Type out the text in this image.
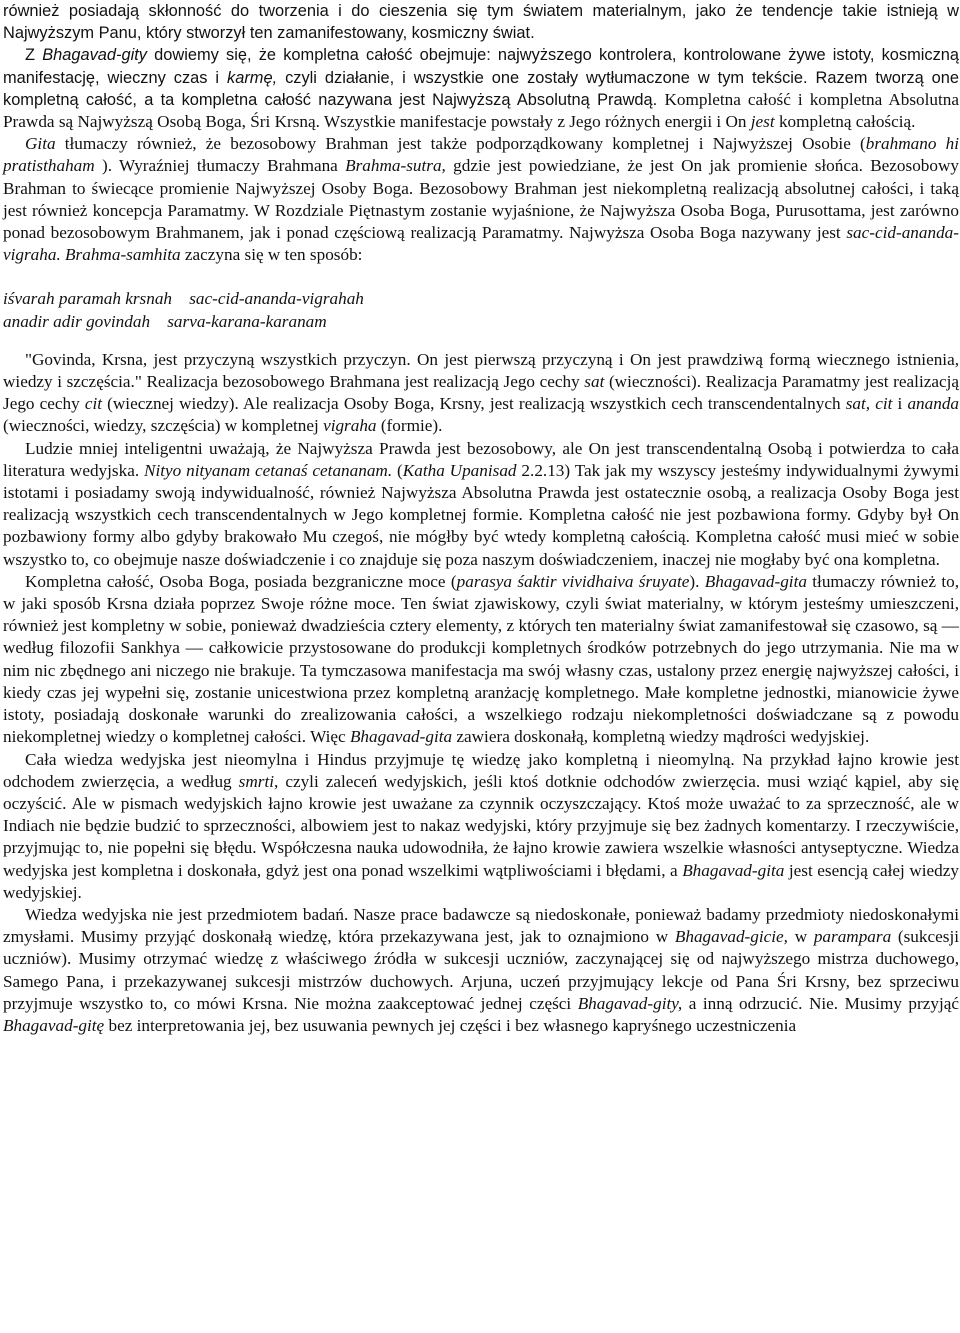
również posiadają skłonność do tworzenia i do cieszenia się tym światem materialnym, jako że tendencje takie istnieją w Najwyższym Panu, który stworzył ten zamanifestowany, kosmiczny świat.

Z Bhagavad-gity dowiemy się, że kompletna całość obejmuje: najwyższego kontrolera, kontrolowane żywe istoty, kosmiczną manifestację, wieczny czas i karmę, czyli działanie, i wszystkie one zostały wytłumaczone w tym tekście. Razem tworzą one kompletną całość, a ta kompletna całość nazywana jest Najwyższą Absolutną Prawdą. Kompletna całość i kompletna Absolutna Prawda są Najwyższą Osobą Boga, Śri Krsną. Wszystkie manifestacje powstały z Jego różnych energii i On jest kompletną całością.

Gita tłumaczy również, że bezosobowy Brahman jest także podporządkowany kompletnej i Najwyższej Osobie (brahmano hi pratisthaham ). Wyraźniej tłumaczy Brahmana Brahma-sutra, gdzie jest powiedziane, że jest On jak promienie słońca. Bezosobowy Brahman to świecące promienie Najwyższej Osoby Boga. Bezosobowy Brahman jest niekompletną realizacją absolutnej całości, i taką jest również koncepcja Paramatmy. W Rozdziale Piętnastym zostanie wyjaśnione, że Najwyższa Osoba Boga, Purusottama, jest zarówno ponad bezosobowym Brahmanem, jak i ponad częściową realizacją Paramatmy. Najwyższa Osoba Boga nazywany jest sac-cid-ananda-vigraha. Brahma-samhita zaczyna się w ten sposób:

iśvarah paramah krsnah    sac-cid-ananda-vigrahah
anadir adir govindah    sarva-karana-karanam

"Govinda, Krsna, jest przyczyną wszystkich przyczyn. On jest pierwszą przyczyną i On jest prawdziwą formą wiecznego istnienia, wiedzy i szczęścia." Realizacja bezosobowego Brahmana jest realizacją Jego cechy sat (wieczności). Realizacja Paramatmy jest realizacją Jego cechy cit (wiecznej wiedzy). Ale realizacja Osoby Boga, Krsny, jest realizacją wszystkich cech transcendentalnych sat, cit i ananda (wieczności, wiedzy, szczęścia) w kompletnej vigraha (formie).

Ludzie mniej inteligentni uważają, że Najwyższa Prawda jest bezosobowy, ale On jest transcendentalną Osobą i potwierdza to cała literatura wedyjska. Nityo nityanam cetanaś cetananam. (Katha Upanisad 2.2.13) Tak jak my wszyscy jesteśmy indywidualnymi żywymi istotami i posiadamy swoją indywidualność, również Najwyższa Absolutna Prawda jest ostatecznie osobą, a realizacja Osoby Boga jest realizacją wszystkich cech transcendentalnych w Jego kompletnej formie. Kompletna całość nie jest pozbawiona formy. Gdyby był On pozbawiony formy albo gdyby brakowało Mu czegoś, nie mógłby być wtedy kompletną całością. Kompletna całość musi mieć w sobie wszystko to, co obejmuje nasze doświadczenie i co znajduje się poza naszym doświadczeniem, inaczej nie mogłaby być ona kompletna.

Kompletna całość, Osoba Boga, posiada bezgraniczne moce (parasya śaktir vividhaiva śruyate). Bhagavad-gita tłumaczy również to, w jaki sposób Krsna działa poprzez Swoje różne moce. Ten świat zjawiskowy, czyli świat materialny, w którym jesteśmy umieszczeni, również jest kompletny w sobie, ponieważ dwadzieścia cztery elementy, z których ten materialny świat zamanifestował się czasowo, są — według filozofii Sankhya — całkowicie przystosowane do produkcji kompletnych środków potrzebnych do jego utrzymania. Nie ma w nim nic zbędnego ani niczego nie brakuje. Ta tymczasowa manifestacja ma swój własny czas, ustalony przez energię najwyższej całości, i kiedy czas jej wypełni się, zostanie unicestwiona przez kompletną aranżację kompletnego. Małe kompletne jednostki, mianowicie żywe istoty, posiadają doskonałe warunki do zrealizowania całości, a wszelkiego rodzaju niekompletności doświadczane są z powodu niekompletnej wiedzy o kompletnej całości. Więc Bhagavad-gita zawiera doskonałą, kompletną wiedzy mądrości wedyjskiej.

Cała wiedza wedyjska jest nieomylna i Hindus przyjmuje tę wiedzę jako kompletną i nieomylną. Na przykład łajno krowie jest odchodem zwierzęcia, a według smrti, czyli zaleceń wedyjskich, jeśli ktoś dotknie odchodów zwierzęcia. musi wziąć kąpiel, aby się oczyścić. Ale w pismach wedyjskich łajno krowie jest uważane za czynnik oczyszczający. Ktoś może uważać to za sprzeczność, ale w Indiach nie będzie budzić to sprzeczności, albowiem jest to nakaz wedyjski, który przyjmuje się bez żadnych komentarzy. I rzeczywiście, przyjmując to, nie popełni się błędu. Współczesna nauka udowodniła, że łajno krowie zawiera wszelkie własności antyseptyczne. Wiedza wedyjska jest kompletna i doskonała, gdyż jest ona ponad wszelkimi wątpliwościami i błędami, a Bhagavad-gita jest esencją całej wiedzy wedyjskiej.

Wiedza wedyjska nie jest przedmiotem badań. Nasze prace badawcze są niedoskonałe, ponieważ badamy przedmioty niedoskonałymi zmysłami. Musimy przyjąć doskonałą wiedzę, która przekazywana jest, jak to oznajmiono w Bhagavad-gicie, w parampara (sukcesji uczniów). Musimy otrzymać wiedzę z właściwego źródła w sukcesji uczniów, zaczynającej się od najwyższego mistrza duchowego, Samego Pana, i przekazywanej sukcesji mistrzów duchowych. Arjuna, uczeń przyjmujący lekcje od Pana Śri Krsny, bez sprzeciwu przyjmuje wszystko to, co mówi Krsna. Nie można zaakceptować jednej części Bhagavad-gity, a inną odrzucić. Nie. Musimy przyjąć Bhagavad-gitę bez interpretowania jej, bez usuwania pewnych jej części i bez własnego kapryśnego uczestniczenia
